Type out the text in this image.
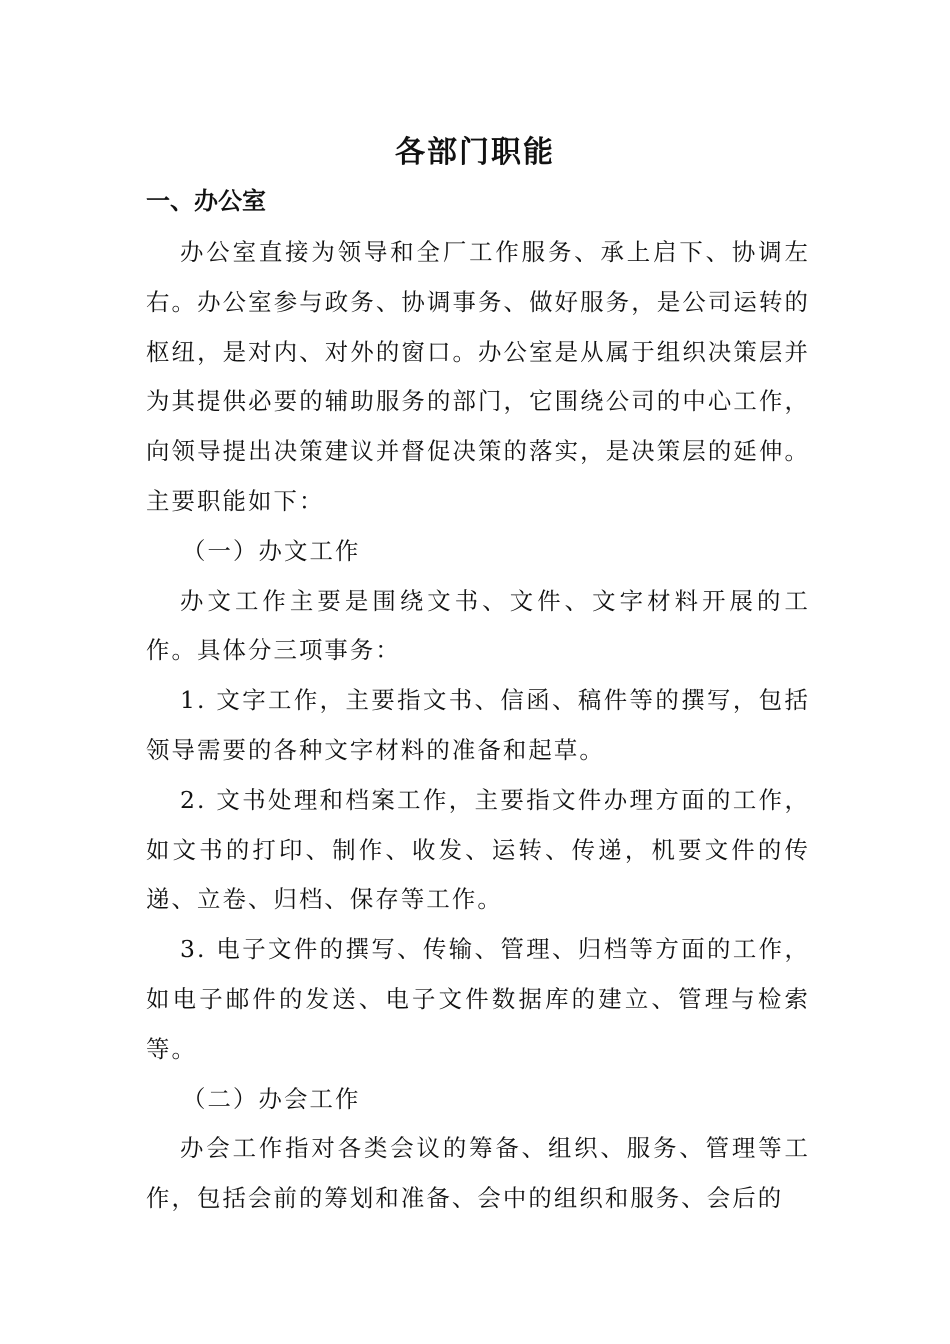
各部门职能
一、办公室

办公室直接为领导和全厂工作服务、承上启下、协调左右。办公室参与政务、协调事务、做好服务，是公司运转的枢纽，是对内、对外的窗口。办公室是从属于组织决策层并为其提供必要的辅助服务的部门，它围绕公司的中心工作，向领导提出决策建议并督促决策的落实，是决策层的延伸。主要职能如下：

（一）办文工作

办文工作主要是围绕文书、文件、文字材料开展的工作。具体分三项事务：

1. 文字工作，主要指文书、信函、稿件等的撰写，包括领导需要的各种文字材料的准备和起草。

2. 文书处理和档案工作，主要指文件办理方面的工作，如文书的打印、制作、收发、运转、传递，机要文件的传递、立卷、归档、保存等工作。

3. 电子文件的撰写、传输、管理、归档等方面的工作，如电子邮件的发送、电子文件数据库的建立、管理与检索等。

（二）办会工作

办会工作指对各类会议的筹备、组织、服务、管理等工作，包括会前的筹划和准备、会中的组织和服务、会后的
